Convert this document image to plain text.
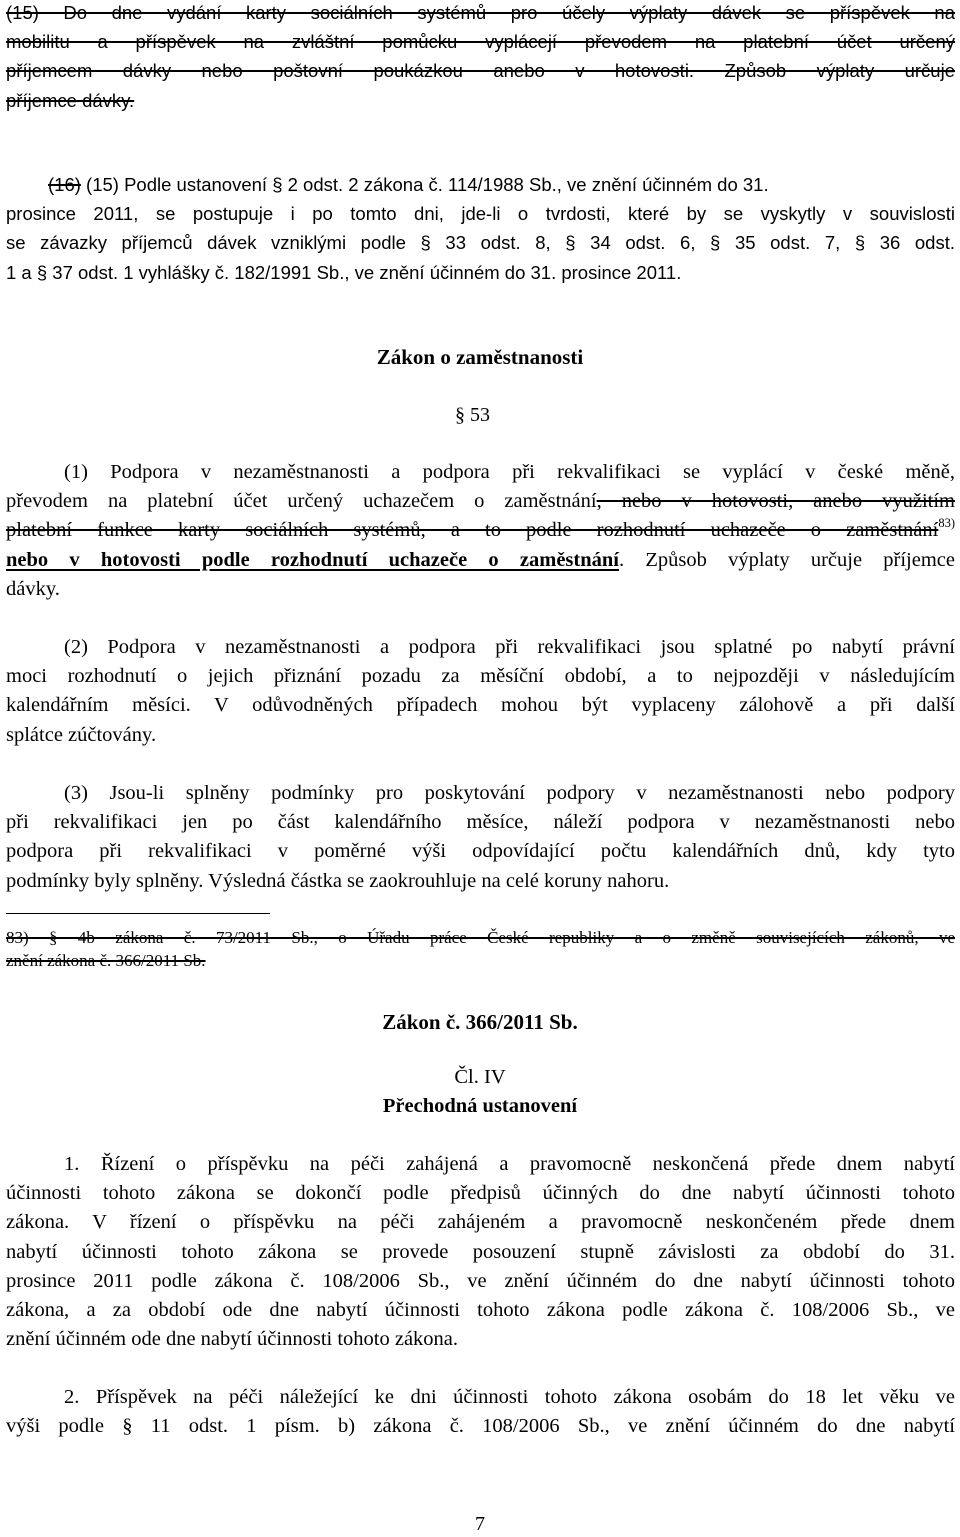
(15) Do dne vydání karty sociálních systémů pro účely výplaty dávek se příspěvek na
mobilitu a příspěvek na zvláštní pomůcku vyplácejí převodem na platební účet určený
příjemcem dávky nebo poštovní poukázkou anebo v hotovosti. Způsob výplaty určuje
příjemce dávky.
(16) (15) Podle ustanovení § 2 odst. 2 zákona č. 114/1988 Sb., ve znění účinném do 31.
prosince 2011, se postupuje i po tomto dni, jde-li o tvrdosti, které by se vyskytly v souvislosti
se závazky příjemců dávek vzniklými podle § 33 odst. 8, § 34 odst. 6, § 35 odst. 7, § 36 odst.
1 a § 37 odst. 1 vyhlášky č. 182/1991 Sb., ve znění účinném do 31. prosince 2011.

Zákon o zaměstnanosti

§ 53
(1) Podpora v nezaměstnanosti a podpora při rekvalifikaci se vyplácí v české měně,
převodem na platební účet určený uchazečem o zaměstnání, nebo v hotovosti, anebo využitím
platební funkce karty sociálních systémů, a to podle rozhodnutí uchazeče o zaměstnání$^{83)}$
nebo v hotovosti podle rozhodnutí uchazeče o zaměstnání. Způsob výplaty určuje příjemce
dávky.
(2) Podpora v nezaměstnanosti a podpora při rekvalifikaci jsou splatné po nabytí právní
moci rozhodnutí o jejich přiznání pozadu za měsíční období, a to nejpozději v následujícím
kalendářním měsíci. V odůvodněných případech mohou být vyplaceny zálohově a při další
splátce zúčtovány.
(3) Jsou-li splněny podmínky pro poskytování podpory v nezaměstnanosti nebo podpory
při rekvalifikaci jen po část kalendářního měsíce, náleží podpora v nezaměstnanosti nebo
podpora při rekvalifikaci v poměrné výši odpovídající počtu kalendářních dnů, kdy tyto
podmínky byly splněny. Výsledná částka se zaokrouhluje na celé koruny nahoru.
83) § 4b zákona č. 73/2011 Sb., o Úřadu práce České republiky a o změně souvisejících zákonů, ve
znění zákona č. 366/2011 Sb.

Zákon č. 366/2011 Sb.

Čl. IV

Přechodná ustanovení

1. Řízení o příspěvku na péči zahájená a pravomocně neskončená přede dnem nabytí
účinnosti tohoto zákona se dokončí podle předpisů účinných do dne nabytí účinnosti tohoto
zákona. V řízení o příspěvku na péči zahájeném a pravomocně neskončeném přede dnem
nabytí účinnosti tohoto zákona se provede posouzení stupně závislosti za období do 31.
prosince 2011 podle zákona č. 108/2006 Sb., ve znění účinném do dne nabytí účinnosti tohoto
zákona, a za období ode dne nabytí účinnosti tohoto zákona podle zákona č. 108/2006 Sb., ve
znění účinném ode dne nabytí účinnosti tohoto zákona.
2. Příspěvek na péči náležející ke dni účinnosti tohoto zákona osobám do 18 let věku ve
výši podle § 11 odst. 1 písm. b) zákona č. 108/2006 Sb., ve znění účinném do dne nabytí

7
